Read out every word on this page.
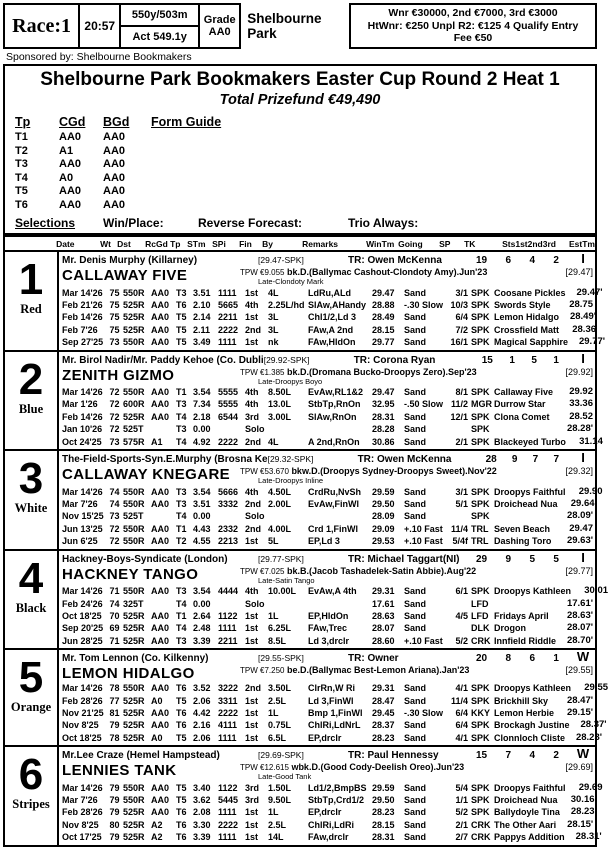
Race:1 20:57
550y/503m
Act 549.1y
Grade
AA0
Shelbourne Park
Wnr €30000, 2nd €7000, 3rd €3000
HtWnr: €250 Unpl R2: €125 4 Qualify Entry
Fee €50
Sponsored by: Shelbourne Bookmakers
Shelbourne Park Bookmakers Easter Cup Round 2 Heat 1
Total Prizefund €49,490
Tp CGd BGd Form Guide
T1	AA0 AA0
T2	A1	AA0
T3	AA0 AA0
T4	A0	AA0
T5	AA0 AA0
T6	AA0 AA0
Selections	Win/Place:	Reverse Forecast:	Trio Always:
Date	Wt Dst	RcGd Tp STm SPi	Fin	By	Remarks	WinTm Going	SP	TK	Sts 1st 2nd 3rd	EstTm
1
Red
Mr. Denis Murphy (Killarney)	[29.47-SPK]	TR: Owen McKenna	19 6 4 2	I
CALLAWAY FIVE	TPW €9.055 bk.D.(Ballymac Cashout-Clondoty Amy).Jun'23
Late-Clondoty Mark
[29.47]
Mar 14'26 75 550R AA0 T3 3.51 1111 1st	4L	LdRu,ALd	29.47	Sand	3/1 SPK Coosane Pickles	29.47'
Feb 21'26 75 525R AA0 T6 2.10 5665 4th	2.25L/hd SlAw,AHandy 28.88	-.30 Slow 10/3 SPK Swords Style	28.75
Feb 14'26 75 525R AA0 T5 2.14 2211 1st	3L	Chl1/2,Ld 3	28.49	Sand	6/4 SPK Lemon Hidalgo	28.49'
Feb 7'26	75 525R AA0 T5 2.11 2222 2nd 3L	FAw,A 2nd	28.15	Sand	7/2 SPK Crossfield Matt	28.36
Sep 27'25 73 550R AA0 T5 3.49 1111 1st	nk	FAw,HldOn	29.77	Sand	16/1 SPK Magical Sapphire	29.77'
2
Blue
Mr. Birol Nadir/Mr. Paddy Kehoe (Co. Dubli [29.92-SPK]	TR: Corona Ryan	15 1 5 1	I
ZENITH GIZMO	TPW €1.385 bk.D.(Dromana Bucko-Droopys Zero).Sep'23
Late-Droopys Boyo
[29.92]
Mar 14'26 72 550R AA0 T1 3.54 5555 4th	8.50L	EvAw,RL1&2 29.47	Sand	8/1 SPK Callaway Five	29.92
Mar 1'26	72 600R AA0 T3 7.34 5555 4th	13.0L	StbTp,RnOn	32.95	-.50 Slow 11/2 MGR Durrow Star	33.36
Feb 14'26 72 525R AA0 T4 2.18 6544 3rd 3.00L	SlAw,RnOn	28.31	Sand	12/1 SPK Clona Comet	28.52
Jan 10'26 72 525T	T3 0.00	Solo	28.28	Sand	SPK	28.28'
Oct 24'25 73 575R A1	T4 4.92 2222 2nd 4L	A 2nd,RnOn	30.86	Sand	2/1 SPK Blackeyed Turbo	31.14
3
White
The-Field-Sports-Syn.E.Murphy (Brosna Ke [29.32-SPK]	TR: Owen McKenna	28 9 7 7	I
CALLAWAY KNEGARE	TPW €53.670 bkw.D.(Droopys Sydney-Droopys Sweet).Nov'22
Late-Droopys Inline
[29.32]
Mar 14'26 74 550R AA0 T3 3.54 5666 4th	4.50L	CrdRu,NvSh	29.59	Sand	3/1 SPK Droopys Faithful	29.90
Mar 7'26	74 550R AA0 T3 3.51 3332 2nd 2.00L	EvAw,FinWl	29.50	Sand	5/1 SPK Droichead Nua	29.64
Nov 15'25 73 525T	T4 0.00	Solo	28.09	Sand	SPK	28.09'
Jun 13'25 72 550R AA0 T1 4.43 2332 2nd 4.00L	Crd 1,FinWl	29.09	+.10 Fast 11/4 TRL Seven Beach	29.47
Jun 6'25	72 550R AA0 T2 4.55 2213 1st	5L	EP,Ld 3	29.53	+.10 Fast	5/4f TRL Dashing Toro	29.63'
4
Black
Hackney-Boys-Syndicate (London)	[29.77-SPK]	TR: Michael Taggart(NI)	29 9 5 5	I
HACKNEY TANGO	TPW €7.025 bk.B.(Jacob Tashadelek-Satin Abbie).Aug'22
Late-Satin Tango
[29.77]
Mar 14'26 71 550R AA0 T3 3.54 4444 4th	10.00L	EvAw,A 4th	29.31	Sand	6/1 SPK Droopys Kathleen	30.01
Feb 24'26 74 325T	T4 0.00	Solo	17.61	Sand	LFD	17.61'
Oct 18'25 70 525R AA0 T1 2.64 1122 1st	1L	EP,HldOn	28.63	Sand	4/5 LFD Fridays April	28.63'
Sep 20'25 69 525R AA0 T4 2.48 1111 1st	6.25L	FAw,Trec	28.07	Sand	DLK Drogon	28.07'
Jun 28'25 71 525R AA0 T3 3.39 2211 1st	8.5L	Ld 3,drclr	28.60	+.10 Fast	5/2 CRK Innfield Riddle	28.70'
5
Orange
Mr. Tom Lennon (Co. Kilkenny)	[29.55-SPK]	TR: Owner	20 8 6 1 W
LEMON HIDALGO	TPW €7.250 be.D.(Ballymac Best-Lemon Ariana).Jan'23	[29.55]
Mar 14'26 78 550R AA0 T6 3.52 3222 2nd 3.50L	ClrRn,W Ri	29.31	Sand	4/1 SPK Droopys Kathleen	29.55
Feb 28'26 77 525R A0	T5 2.06 3311 1st	2.5L	Ld 3,FinWl	28.47	Sand	11/4 SPK Brickhill Sky	28.47'
Nov 21'25 81 525R AA0 T6 4.42 2222 1st	1L	Bmp 1,FinWl	29.45	-.30 Slow	6/4 KKY Lemon Herbie	29.15'
Nov 8'25	79 525R AA0 T6 2.16 4111 1st	0.75L	ChlRi,LdNrL	28.37	Sand	6/4 SPK Brockagh Justine	28.37'
Oct 18'25 78 525R A0	T5 2.06 1111 1st	6.5L	EP,drclr	28.23	Sand	4/1 SPK Clonnloch Cliste	28.23'
6
Stripes
Mr.Lee Craze (Hemel Hampstead)	[29.69-SPK]	TR: Paul Hennessy	15 7 4 2 W
LENNIES TANK	TPW €12.615 wbk.D.(Good Cody-Deelish Oreo).Jun'23
Late-Good Tank
[29.69]
Mar 14'26 79 550R AA0 T5 3.40 1122 3rd 1.50L	Ld1/2,BmpBS 29.59	Sand	5/4 SPK Droopys Faithful	29.69
Mar 7'26	79 550R AA0 T5 3.62 5445 3rd 9.50L	StbTp,Crd1/2 29.50	Sand	1/1 SPK Droichead Nua	30.16
Feb 28'26 79 525R AA0 T6 2.08 1111 1st	1L	EP,drclr	28.23	Sand	5/2 SPK Ballydoyle Tina	28.23'
Nov 8'25	80 525R A2	T6 3.30 2222 1st	2.5L	ChlRi,LdRi	28.15	Sand	2/1 CRK The Other Aari	28.15'
Oct 17'25 79 525R A2	T6 3.39 1111 1st	14L	FAw,drclr	28.31	Sand	2/7 CRK Pappys Addition	28.31'
